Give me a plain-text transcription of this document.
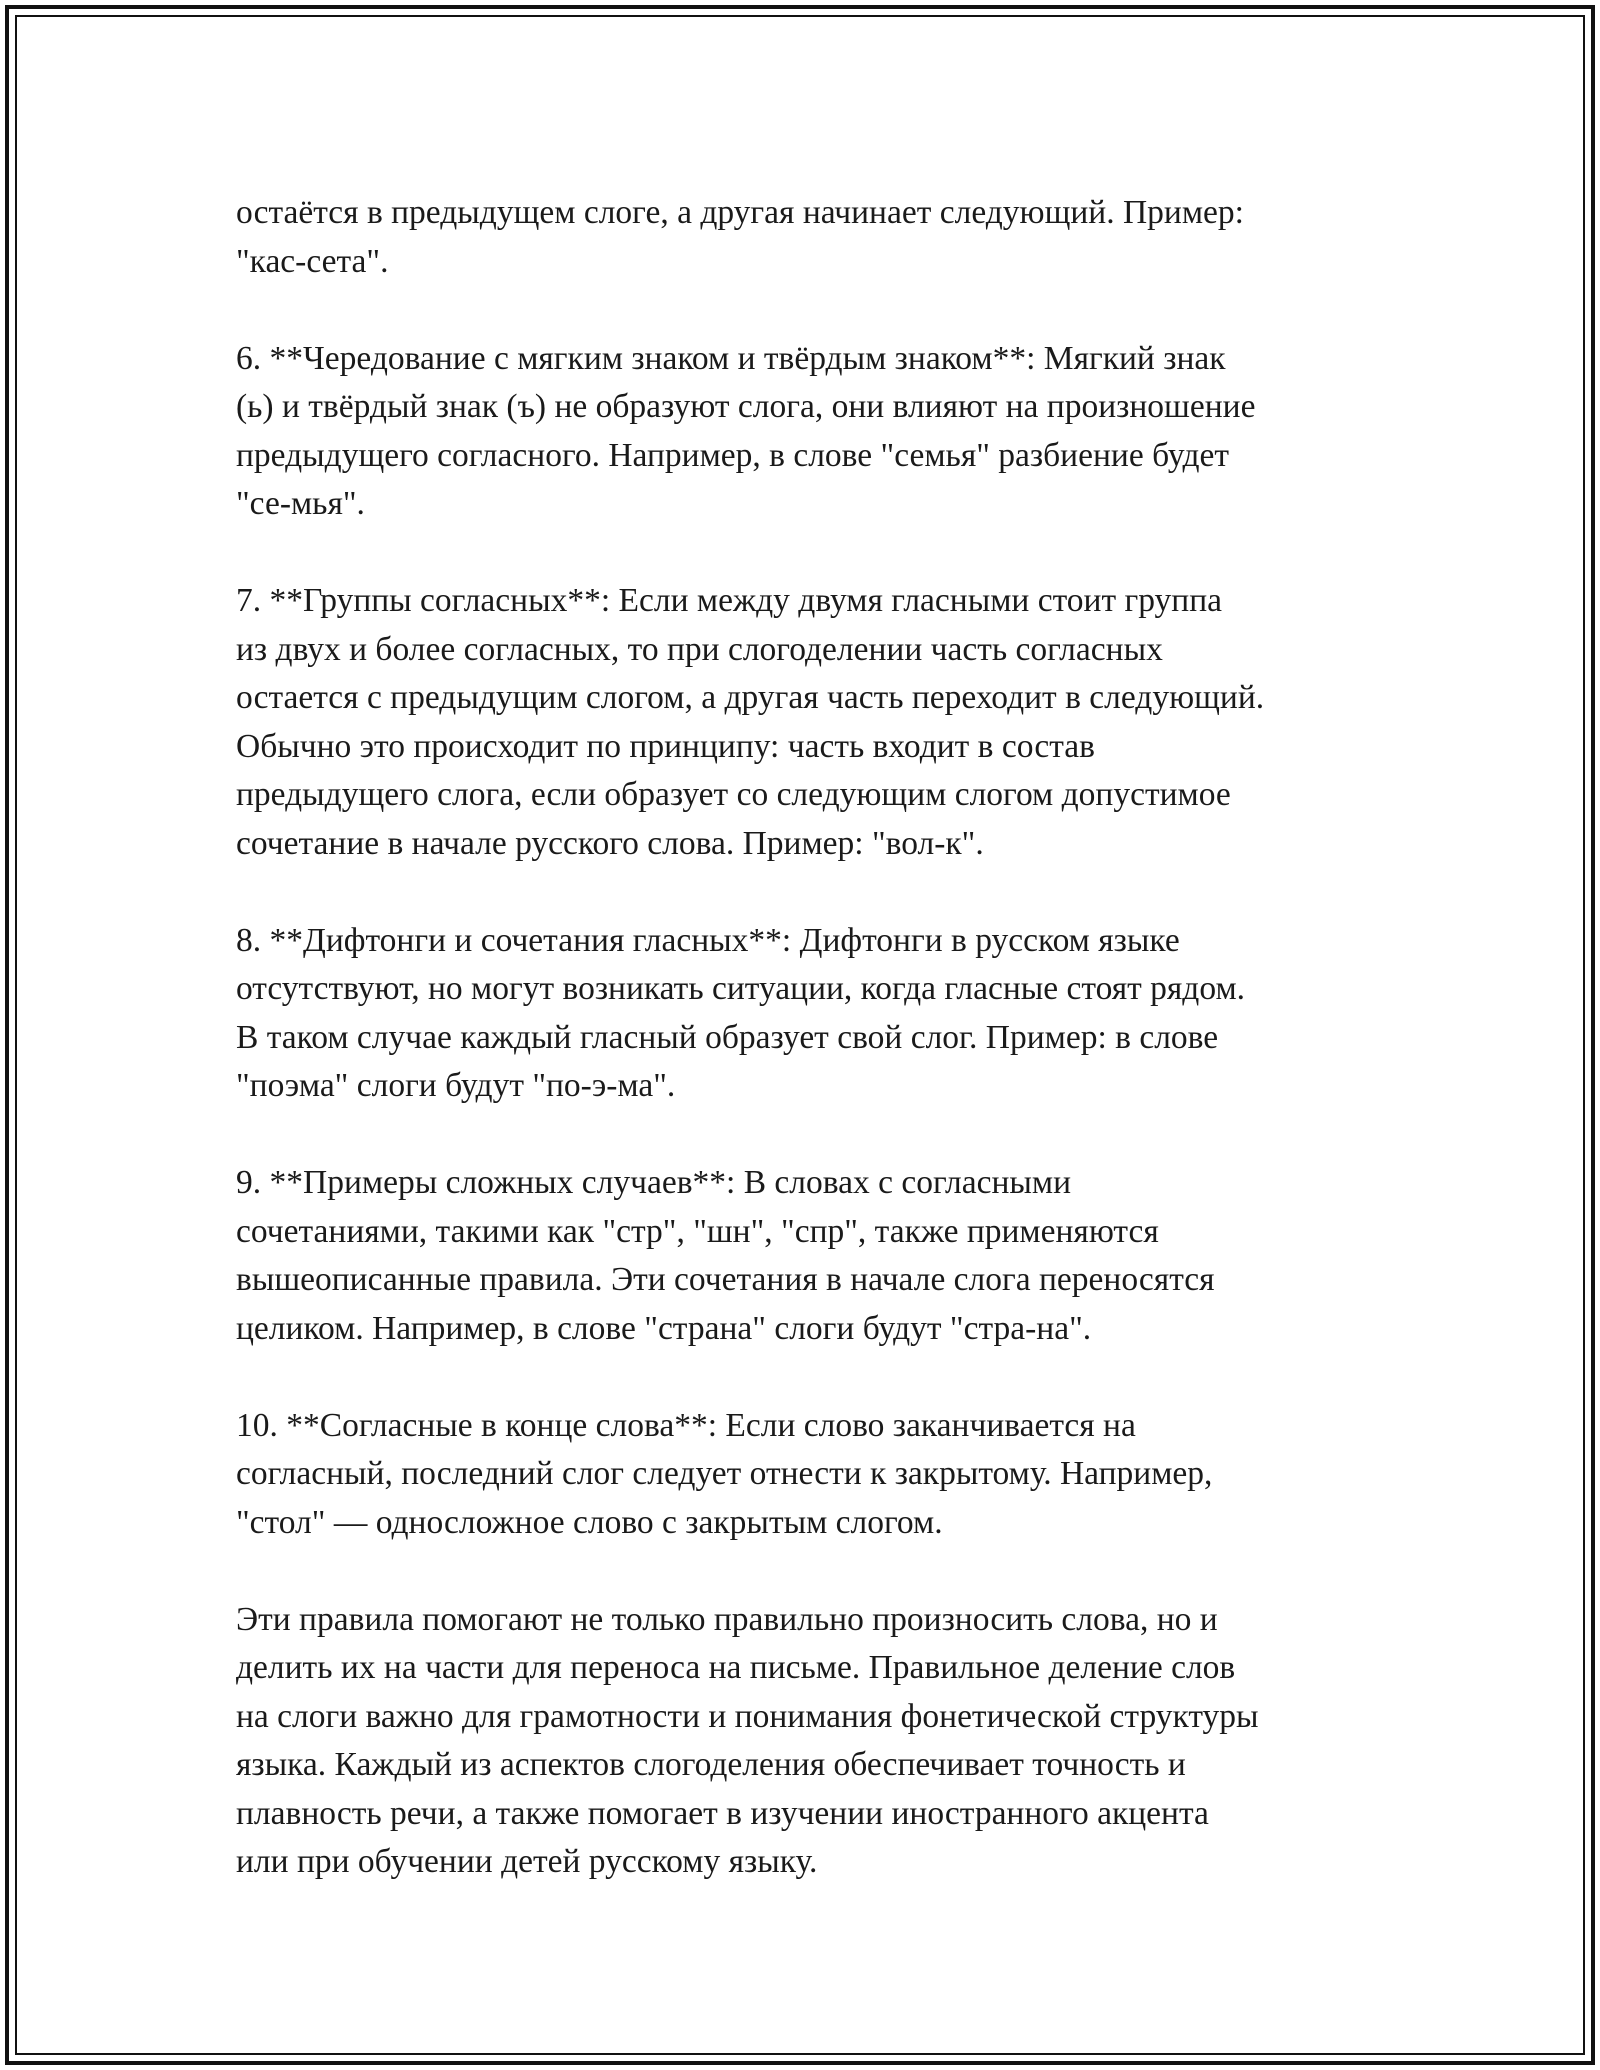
остаётся в предыдущем слоге, а другая начинает следующий. Пример:
"кас-сета".

6. **Чередование с мягким знаком и твёрдым знаком**: Мягкий знак
(ь) и твёрдый знак (ъ) не образуют слога, они влияют на произношение
предыдущего согласного. Например, в слове "семья" разбиение будет
"се-мья".

7. **Группы согласных**: Если между двумя гласными стоит группа
из двух и более согласных, то при слогоделении часть согласных
остается с предыдущим слогом, а другая часть переходит в следующий.
Обычно это происходит по принципу: часть входит в состав
предыдущего слога, если образует со следующим слогом допустимое
сочетание в начале русского слова. Пример: "вол-к".

8. **Дифтонги и сочетания гласных**: Дифтонги в русском языке
отсутствуют, но могут возникать ситуации, когда гласные стоят рядом.
В таком случае каждый гласный образует свой слог. Пример: в слове
"поэма" слоги будут "по-э-ма".

9. **Примеры сложных случаев**: В словах с согласными
сочетаниями, такими как "стр", "шн", "спр", также применяются
вышеописанные правила. Эти сочетания в начале слога переносятся
целиком. Например, в слове "страна" слоги будут "стра-на".

10. **Согласные в конце слова**: Если слово заканчивается на
согласный, последний слог следует отнести к закрытому. Например,
"стол" — односложное слово с закрытым слогом.

Эти правила помогают не только правильно произносить слова, но и
делить их на части для переноса на письме. Правильное деление слов
на слоги важно для грамотности и понимания фонетической структуры
языка. Каждый из аспектов слогоделения обеспечивает точность и
плавность речи, а также помогает в изучении иностранного акцента
или при обучении детей русскому языку.
